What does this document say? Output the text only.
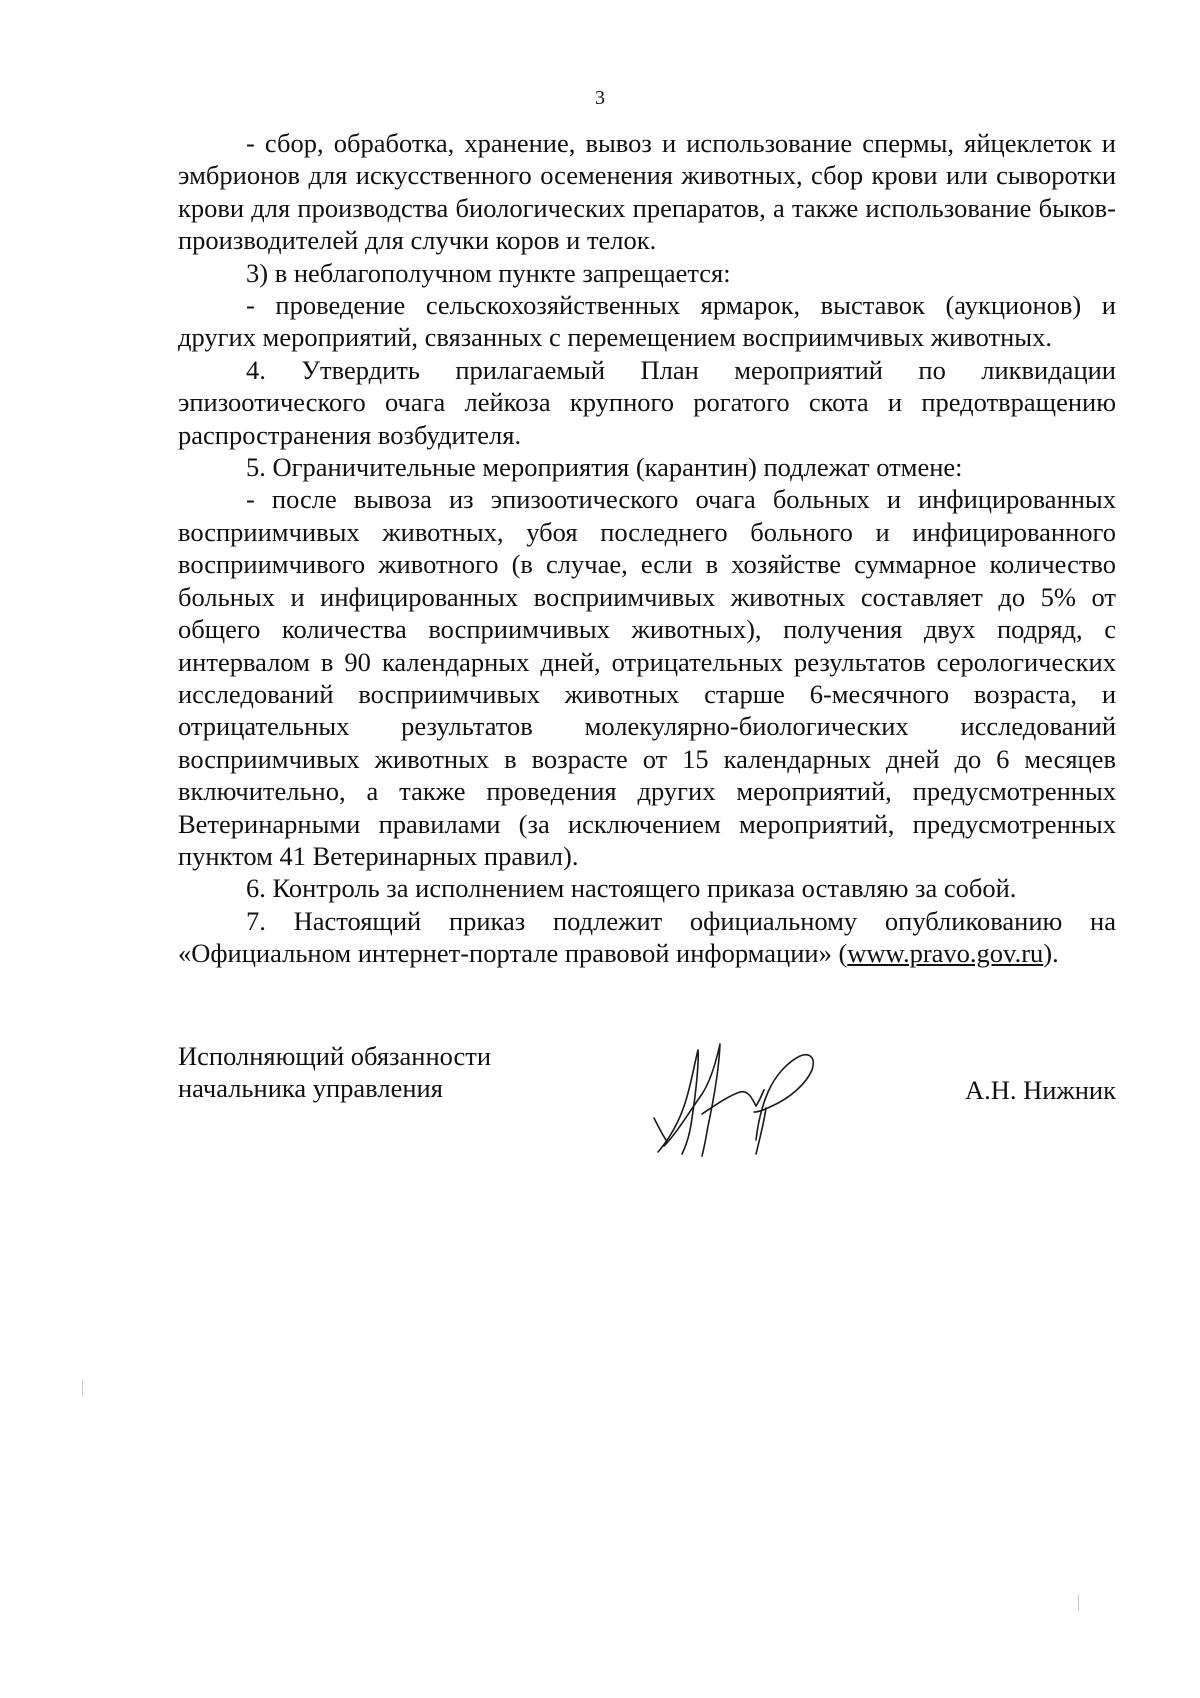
3

- сбор, обработка, хранение, вывоз и использование спермы, яйцеклеток и эмбрионов для искусственного осеменения животных, сбор крови или сыворотки крови для производства биологических препаратов, а также использование быков-производителей для случки коров и телок.

3) в неблагополучном пункте запрещается:

- проведение сельскохозяйственных ярмарок, выставок (аукционов) и других мероприятий, связанных с перемещением восприимчивых животных.

4. Утвердить прилагаемый План мероприятий по ликвидации эпизоотического очага лейкоза крупного рогатого скота и предотвращению распространения возбудителя.

5. Ограничительные мероприятия (карантин) подлежат отмене:

- после вывоза из эпизоотического очага больных и инфицированных восприимчивых животных, убоя последнего больного и инфицированного восприимчивого животного (в случае, если в хозяйстве суммарное количество больных и инфицированных восприимчивых животных составляет до 5% от общего количества восприимчивых животных), получения двух подряд, с интервалом в 90 календарных дней, отрицательных результатов серологических исследований восприимчивых животных старше 6-месячного возраста, и отрицательных результатов молекулярно-биологических исследований восприимчивых животных в возрасте от 15 календарных дней до 6 месяцев включительно, а также проведения других мероприятий, предусмотренных Ветеринарными правилами (за исключением мероприятий, предусмотренных пунктом 41 Ветеринарных правил).

6. Контроль за исполнением настоящего приказа оставляю за собой.

7. Настоящий приказ подлежит официальному опубликованию на «Официальном интернет-портале правовой информации» (www.pravo.gov.ru).

Исполняющий обязанности
начальника управления	А.Н. Нижник
